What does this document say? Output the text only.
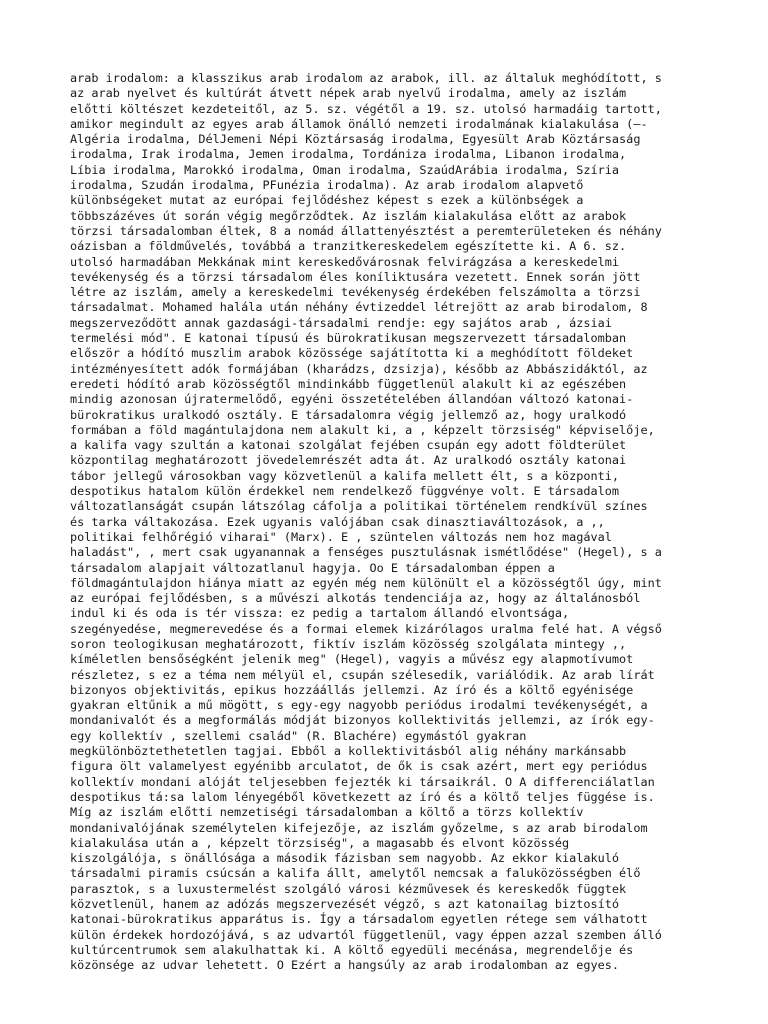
arab irodalom: a klasszikus arab irodalom az arabok, ill. az általuk meghódított, s
az arab nyelvet és kultúrát átvett népek arab nyelvű irodalma, amely az iszlám
előtti költészet kezdeteitől, az 5. sz. végétől a 19. sz. utolsó harmadáig tartott,
amikor megindult az egyes arab államok önálló nemzeti irodalmának kialakulása (—-
Algéria irodalma, DélJemeni Népi Köztársaság irodalma, Egyesült Arab Köztársaság
irodalma, Irak irodalma, Jemen irodalma, Tordániza irodalma, Libanon irodalma,
Líbia irodalma, Marokkó irodalma, Oman irodalma, SzaúdArábia irodalma, Szíria
irodalma, Szudán irodalma, PFunézia irodalma). Az arab irodalom alapvető
különbségeket mutat az európai fejlődéshez képest s ezek a különbségek a
többszázéves út során végig megőrződtek. Az iszlám kialakulása előtt az arabok
törzsi társadalomban éltek, 8 a nomád állattenyésztést a peremterületeken és néhány
oázisban a földművelés, továbbá a tranzitkereskedelem egészítette ki. A 6. sz.
utolsó harmadában Mekkának mint kereskedővárosnak felvirágzása a kereskedelmi
tevékenység és a törzsi társadalom éles koníliktusára vezetett. Ennek során jött
létre az iszlám, amely a kereskedelmi tevékenység érdekében felszámolta a törzsi
társadalmat. Mohamed halála után néhány évtizeddel létrejött az arab birodalom, 8
megszerveződött annak gazdasági-társadalmi rendje: egy sajátos arab , ázsiai
termelési mód". E katonai típusú és bürokratikusan megszervezett társadalomban
először a hódító muszlim arabok közössége sajátította ki a meghódított földeket
intézményesített adók formájában (kharádzs, dzsizja), később az Abbászidáktól, az
eredeti hódító arab közösségtől mindinkább függetlenül alakult ki az egészében
mindig azonosan újratermelődő, egyéni összetételében állandóan változó katonai-
bürokratikus uralkodó osztály. E társadalomra végig jellemző az, hogy uralkodó
formában a föld magántulajdona nem alakult ki, a , képzelt törzsiség" képviselője,
a kalifa vagy szultán a katonai szolgálat fejében csupán egy adott földterület
központilag meghatározott jövedelemrészét adta át. Az uralkodó osztály katonai
tábor jellegű városokban vagy közvetlenül a kalifa mellett élt, s a központi,
despotikus hatalom külön érdekkel nem rendelkező függvénye volt. E társadalom
változatlanságát csupán látszólag cáfolja a politikai történelem rendkívül színes
és tarka váltakozása. Ezek ugyanis valójában csak dinasztiaváltozások, a ,,
politikai felhőrégió viharai" (Marx). E , szüntelen változás nem hoz magával
haladást", , mert csak ugyanannak a fenséges pusztulásnak ismétlődése" (Hegel), s a
társadalom alapjait változatlanul hagyja. Oo E társadalomban éppen a
földmagántulajdon hiánya miatt az egyén még nem különült el a közösségtől úgy, mint
az európai fejlődésben, s a művészi alkotás tendenciája az, hogy az általánosból
indul ki és oda is tér vissza: ez pedig a tartalom állandó elvontsága,
szegényedése, megmerevedése és a formai elemek kizárólagos uralma felé hat. A végső
soron teologikusan meghatározott, fiktív iszlám közösség szolgálata mintegy ,,
kíméletlen bensőségként jelenik meg" (Hegel), vagyis a művész egy alapmotívumot
részletez, s ez a téma nem mélyül el, csupán szélesedik, variálódik. Az arab lírát
bizonyos objektivitás, epikus hozzáállás jellemzi. Az író és a költő egyénisége
gyakran eltűnik a mű mögött, s egy-egy nagyobb periódus irodalmi tevékenységét, a
mondanivalót és a megformálás módját bizonyos kollektivitás jellemzi, az írók egy-
egy kollektív , szellemi család" (R. Blachére) egymástól gyakran
megkülönböztethetetlen tagjai. Ebből a kollektivitásból alig néhány markánsabb
figura ölt valamelyest egyénibb arculatot, de ők is csak azért, mert egy periódus
kollektív mondani alóját teljesebben fejezték ki társaikrál. O A differenciálatlan
despotikus tá:sa lalom lényegéből következett az író és a költő teljes függése is.
Míg az iszlám előtti nemzetiségi társadalomban a költő a törzs kollektív
mondanivalójának személytelen kifejezője, az iszlám győzelme, s az arab birodalom
kialakulása után a , képzelt törzsiség", a magasabb és elvont közösség
kiszolgálója, s önállósága a második fázisban sem nagyobb. Az ekkor kialakuló
társadalmi piramis csúcsán a kalifa állt, amelytől nemcsak a faluközösségben élő
parasztok, s a luxustermelést szolgáló városi kézművesek és kereskedők függtek
közvetlenül, hanem az adózás megszervezését végző, s azt katonailag biztosító
katonai-bürokratikus apparátus is. Így a társadalom egyetlen rétege sem válhatott
külön érdekek hordozójává, s az udvartól függetlenül, vagy éppen azzal szemben álló
kultúrcentrumok sem alakulhattak ki. A költő egyedüli mecénása, megrendelője és
közönsége az udvar lehetett. O Ezért a hangsúly az arab irodalomban az egyes.
